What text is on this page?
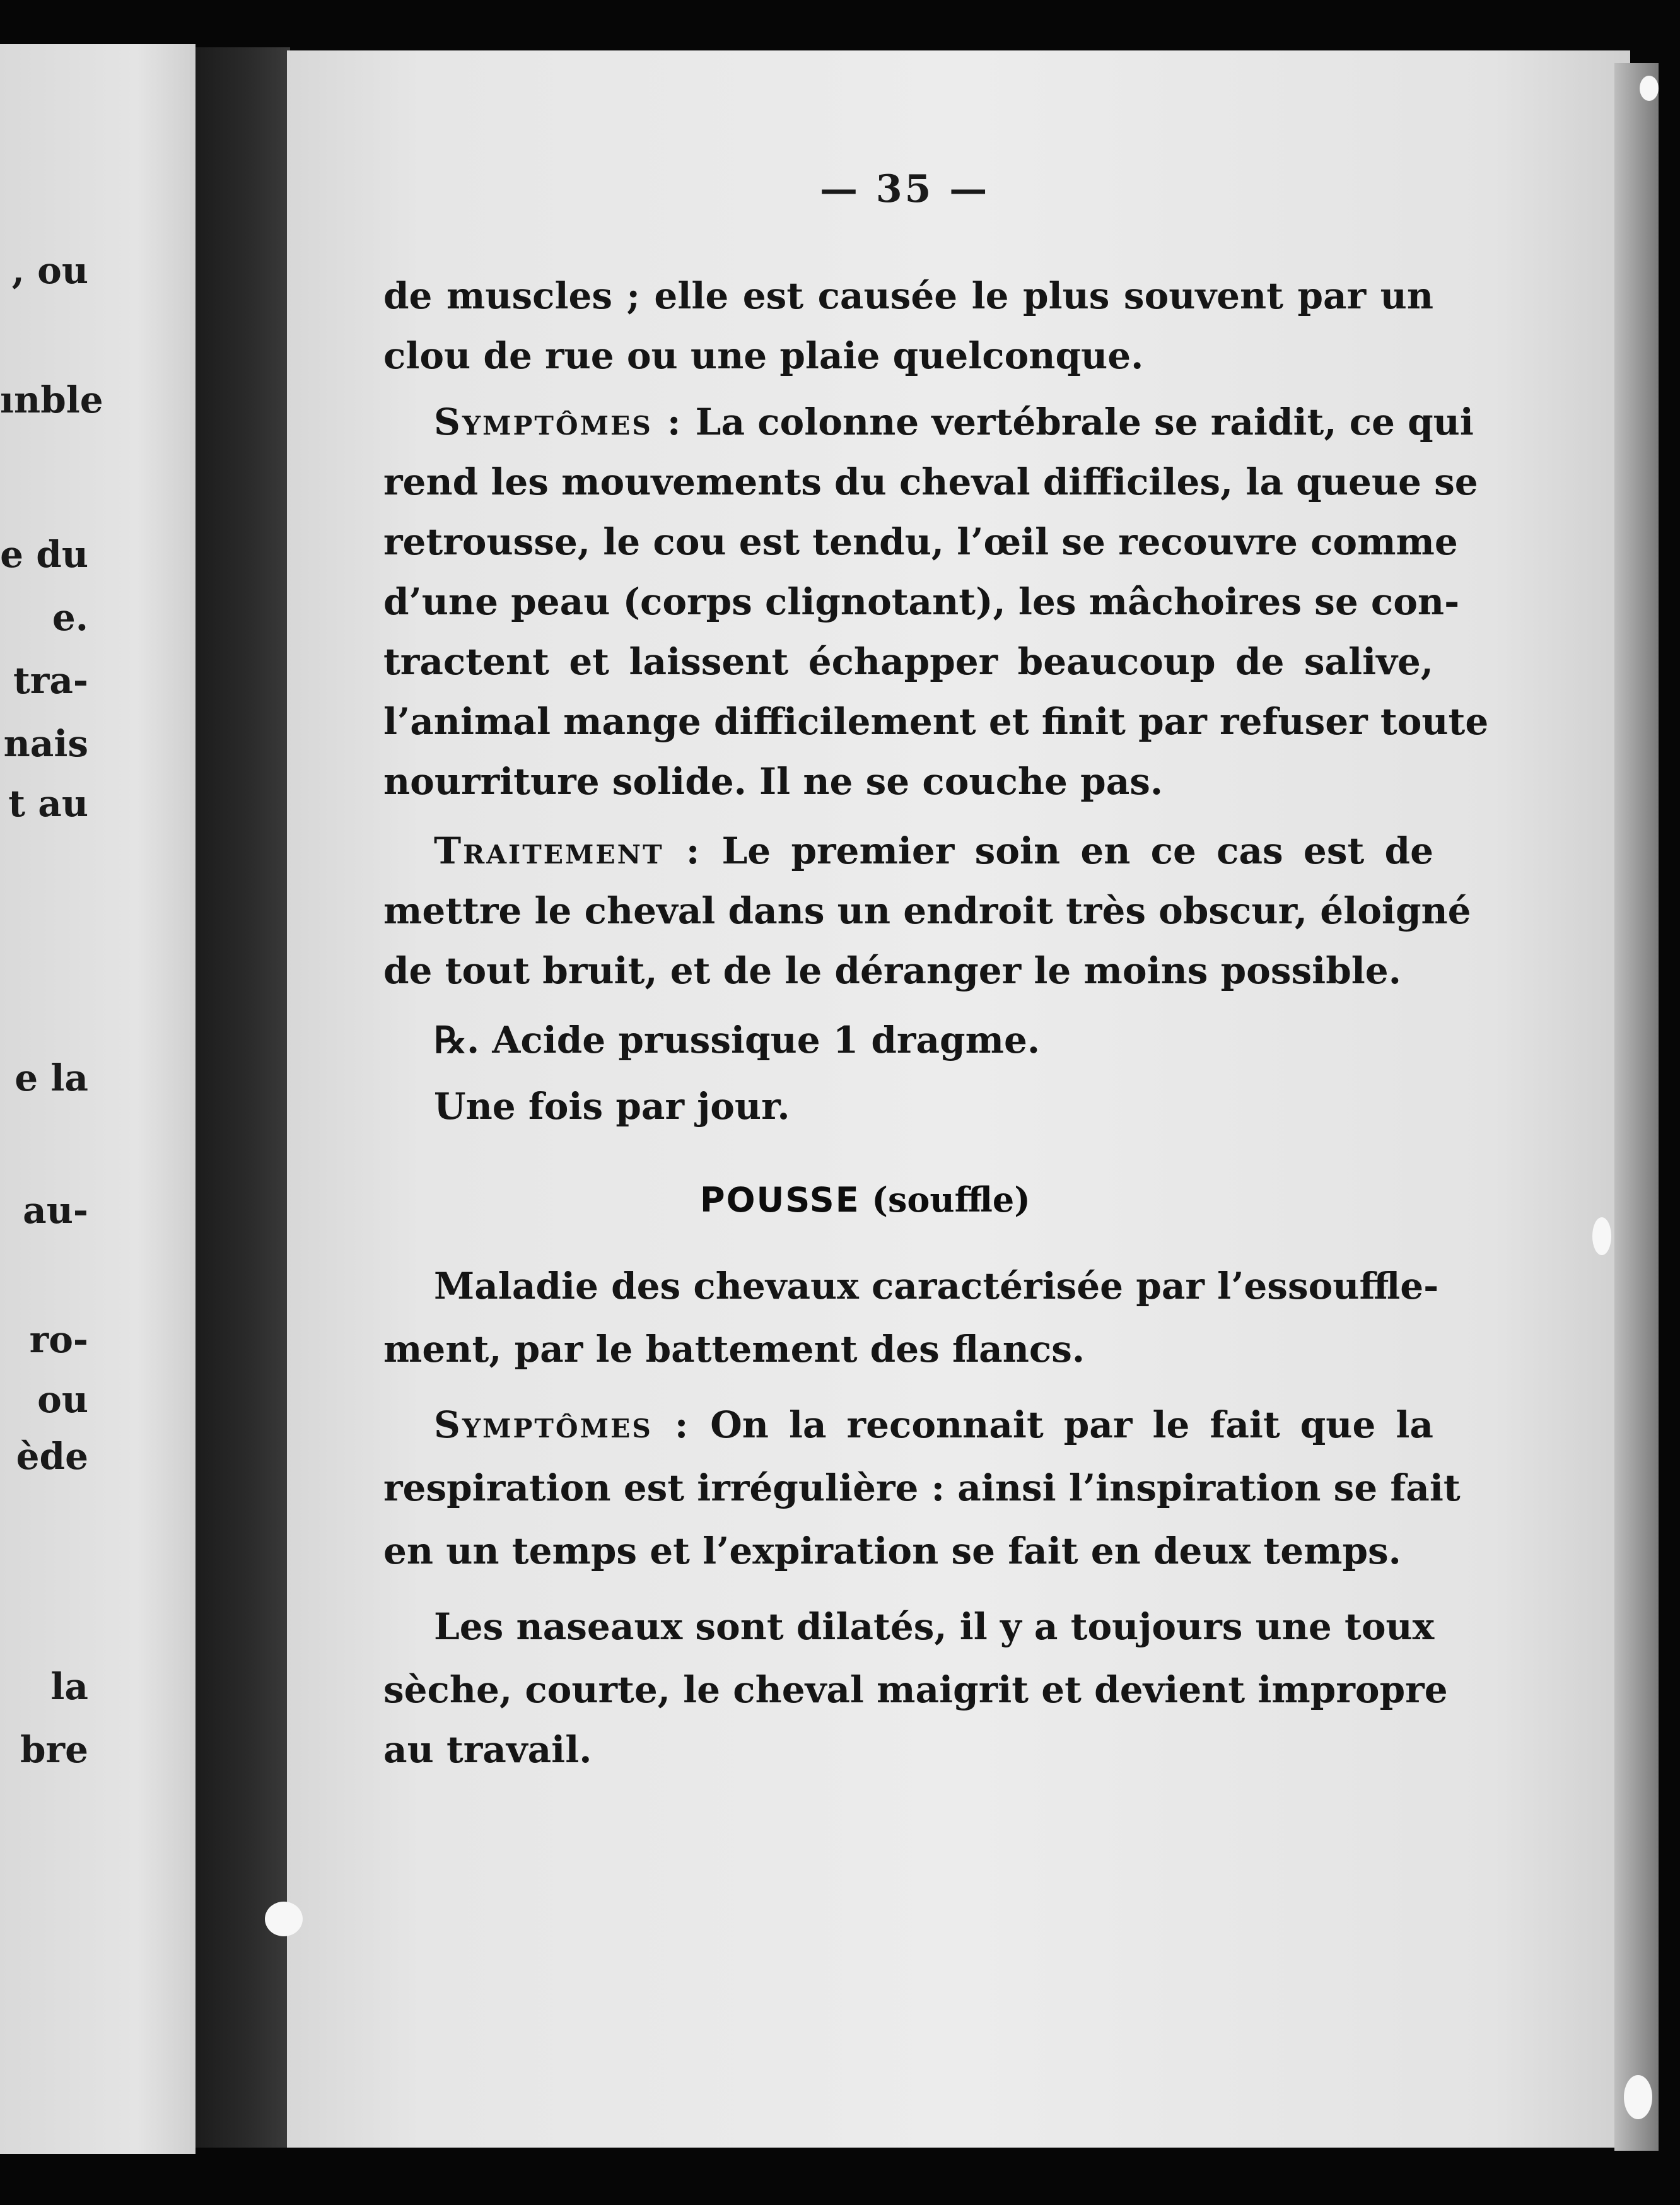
, ou
ınble
e du
e.
tra-
nais
t au
e la
au-
ro-
ou
ède
la
bre
— 35 —
de muscles ; elle est causée le plus souvent par un
clou de rue ou une plaie quelconque.
Symptômes : La colonne vertébrale se raidit, ce qui
rend les mouvements du cheval difficiles, la queue se
retrousse, le cou est tendu, l’œil se recouvre comme
d’une peau (corps clignotant), les mâchoires se con-
tractent et laissent échapper beaucoup de salive,
l’animal mange difficilement et finit par refuser toute
nourriture solide. Il ne se couche pas.
Traitement : Le premier soin en ce cas est de
mettre le cheval dans un endroit très obscur, éloigné
de tout bruit, et de le déranger le moins possible.
℞. Acide prussique 1 dragme.
Une fois par jour.
POUSSE (souffle)
Maladie des chevaux caractérisée par l’essouffle-
ment, par le battement des flancs.
Symptômes : On la reconnait par le fait que la
respiration est irrégulière : ainsi l’inspiration se fait
en un temps et l’expiration se fait en deux temps.
Les naseaux sont dilatés, il y a toujours une toux
sèche, courte, le cheval maigrit et devient impropre
au travail.
